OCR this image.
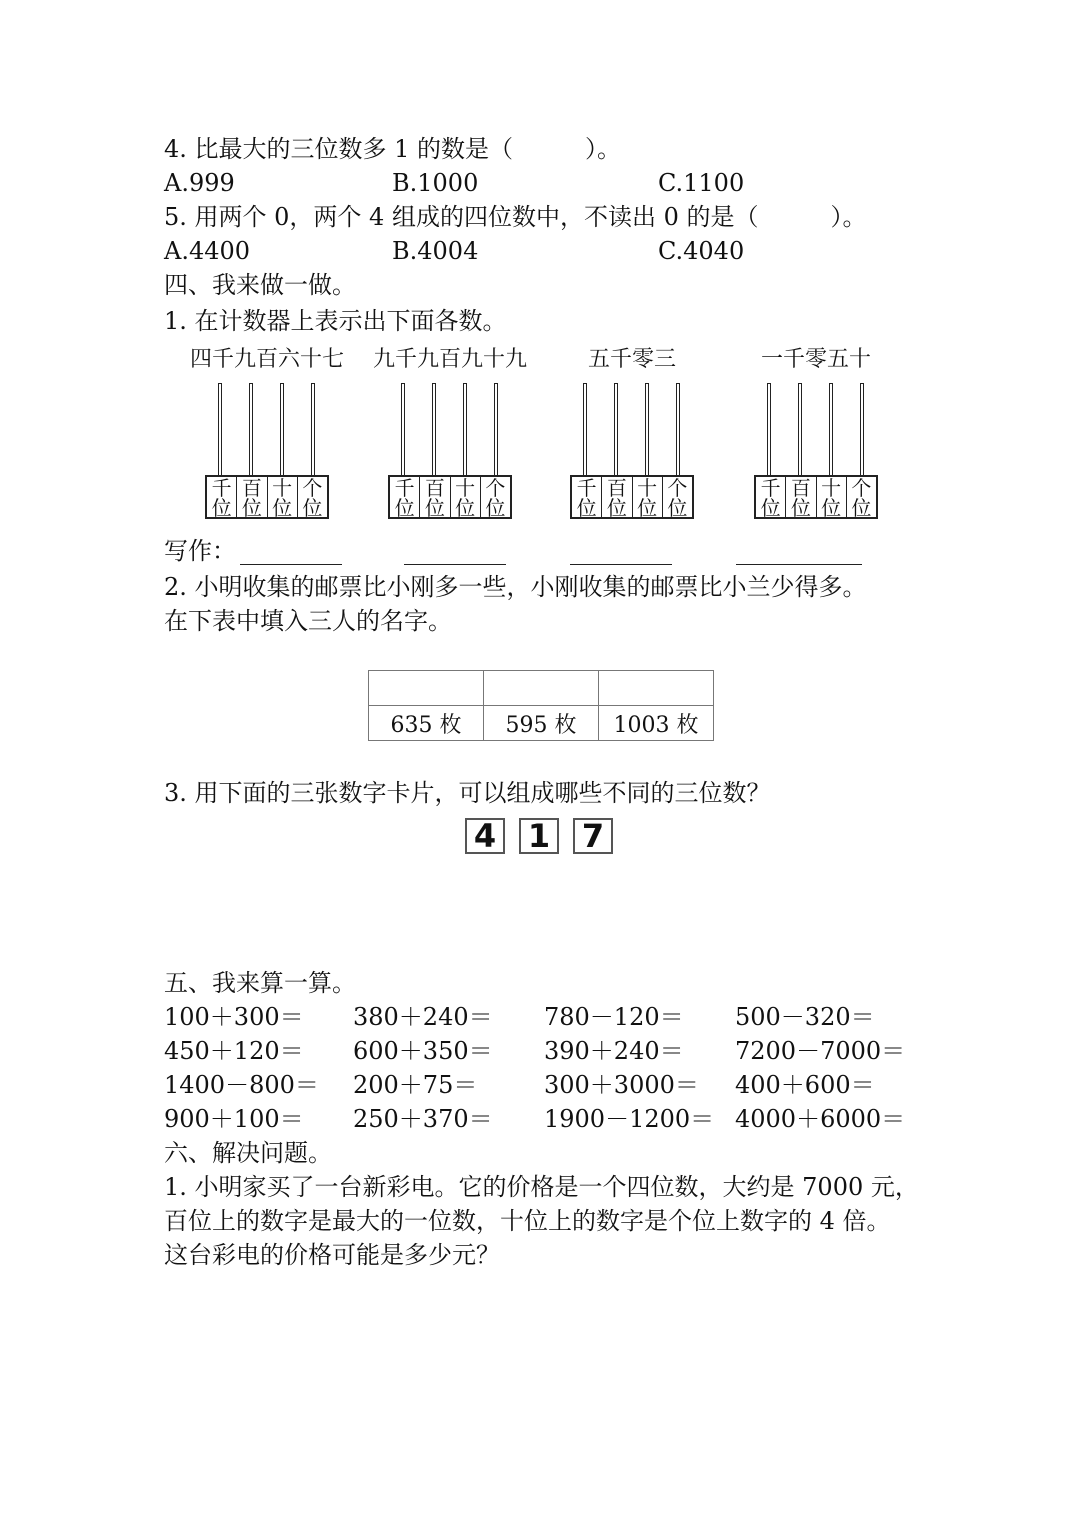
4. 比最大的三位数多 1 的数是（　　　）。
A.999	B.1000	C.1100
5. 用两个 0，两个 4 组成的四位数中，不读出 0 的是（　　　）。
A.4400	B.4004	C.4040
四、我来做一做。
1. 在计数器上表示出下面各数。
四千九百六十七
千
位
百
位
十
位
个
位
九千九百九十九
千
位
百
位
十
位
个
位
五千零三
千
位
百
位
十
位
个
位
一千零五十
千
位
百
位
十
位
个
位
写作：
2. 小明收集的邮票比小刚多一些，小刚收集的邮票比小兰少得多。
在下表中填入三人的名字。

635 枚	595 枚	1003 枚
3. 用下面的三张数字卡片，可以组成哪些不同的三位数？
4 1 7
五、我来算一算。
100＋300＝ 380＋240＝ 780－120＝ 500－320＝
450＋120＝ 600＋350＝ 390＋240＝ 7200－7000＝
1400－800＝ 200＋75＝	300＋3000＝ 400＋600＝
900＋100＝ 250＋370＝ 1900－1200＝ 4000＋6000＝
六、解决问题。
1. 小明家买了一台新彩电。它的价格是一个四位数，大约是 7000 元，
百位上的数字是最大的一位数，十位上的数字是个位上数字的 4 倍。
这台彩电的价格可能是多少元？
